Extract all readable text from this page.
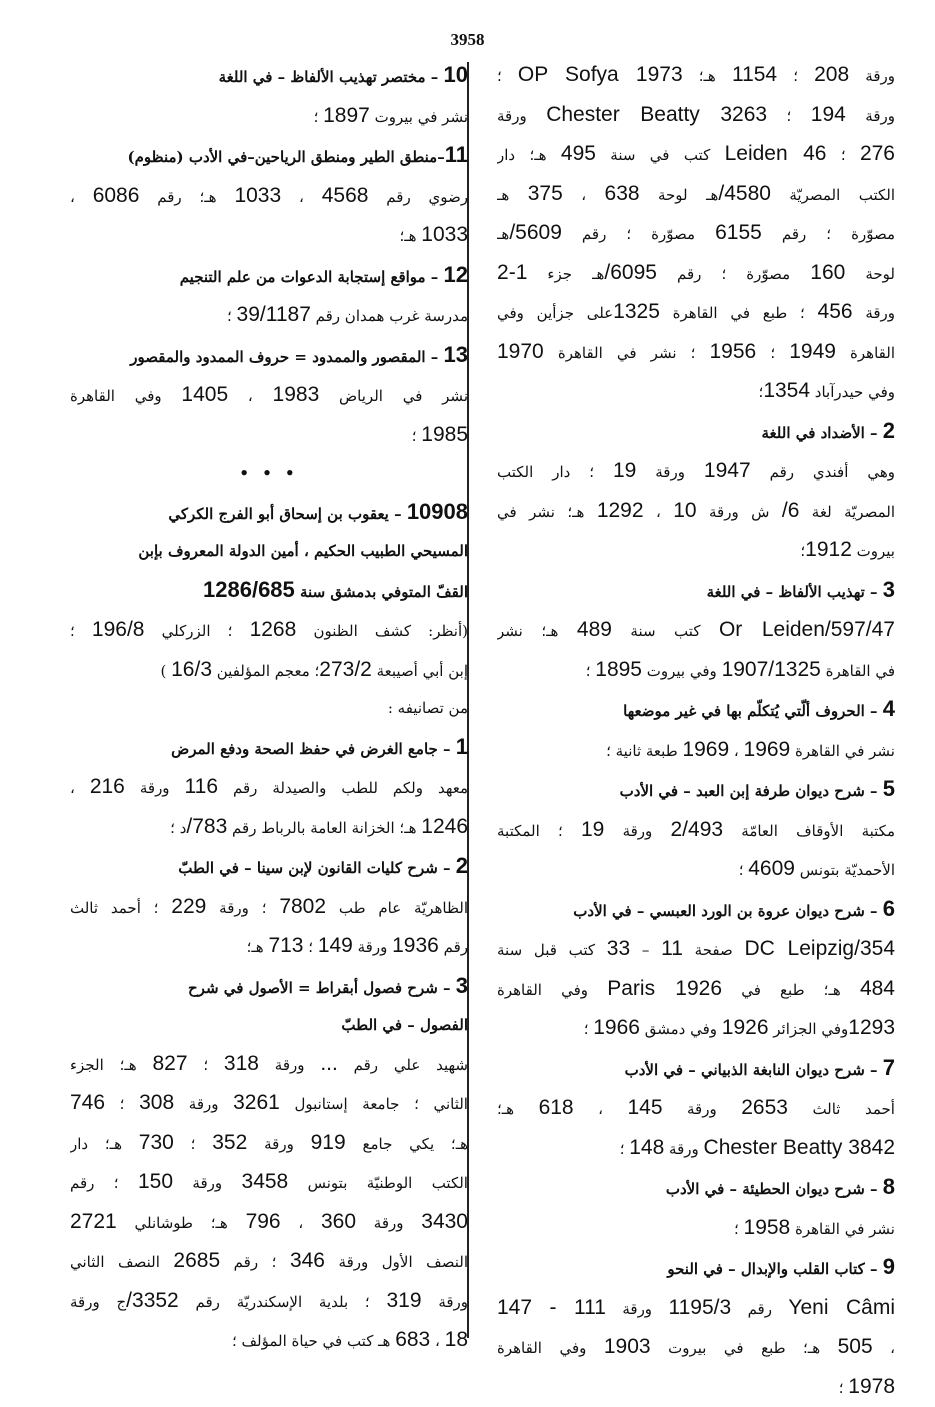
3958
ورقة 208 ؛ 1154 هـ؛ 1973 OP Sofya ؛
ورقة 194 ؛ 3263 Chester Beatty ورقة
276 ؛ 46 Leiden كتب في سنة 495 هـ؛ دار
الكتب المصريّة 4580/هـ لوحة 638 ، 375 هـ
مصوّرة ؛ رقم 6155 مصوّرة ؛ رقم 5609/هـ
لوحة 160 مصوّرة ؛ رقم 6095/هـ جزء 1-2
ورقة 456 ؛ طبع في القاهرة 1325على جزأين وفي
القاهرة 1949 ؛ 1956 ؛ نشر في القاهرة 1970
وفي حيدرآباد 1354؛
2 – الأضداد في اللغة
وهي أفندي رقم 1947 ورقة 19 ؛ دار الكتب
المصريّة لغة 6/ ش ورقة 10 ، 1292 هـ؛ نشر في
بيروت 1912؛
3 – تهذيب الألفاظ – في اللغة
597/47/Or Leiden كتب سنة 489 هـ؛ نشر
في القاهرة 1907/1325 وفي بيروت 1895 ؛
4 – الحروف ألّتي يُتكلّم بها في غير موضعها
نشر في القاهرة 1969 ، 1969 طبعة ثانية ؛
5 – شرح ديوان طرفة إبن العبد – في الأدب
مكتبة الأوقاف العامّة 2/493 ورقة 19 ؛ المكتبة
الأحمديّة بتونس 4609 ؛
6 – شرح ديوان عروة بن الورد العبسي – في الأدب
354/DC Leipzig صفحة 11 – 33 كتب قبل سنة
484 هـ؛ طبع في Paris 1926 وفي القاهرة
1293وفي الجزائر 1926 وفي دمشق 1966 ؛
7 – شرح ديوان النابغة الذبياني – في الأدب
أحمد ثالث 2653 ورقة 145 ، 618 هـ؛
3842 Chester Beatty ورقة 148 ؛
8 – شرح ديوان الحطيئة – في الأدب
نشر في القاهرة 1958 ؛
9 – كتاب القلب والإبدال – في النحو
Yeni Câmi رقم 1195/3 ورقة 111 - 147
، 505 هـ؛ طبع في بيروت 1903 وفي القاهرة
1978 ؛
10 – مختصر تهذيب الألفاظ – في اللغة
نشر في بيروت 1897 ؛
11–منطق الطير ومنطق الرياحين–في الأدب (منظوم)
رضوي رقم 4568 ، 1033 هـ؛ رقم 6086 ،
1033 هـ؛
12 – مواقع إستجابة الدعوات من علم التنجيم
مدرسة غرب همدان رقم 39/1187 ؛
13 – المقصور والممدود = حروف الممدود والمقصور
نشر في الرياض 1983 ، 1405 وفي القاهرة
1985 ؛
• • •
10908 – يعقوب بن إسحاق أبو الفرج الكركي
المسيحي الطبيب الحكيم ، أمين الدولة المعروف بإبن
القفّ المتوفي بدمشق سنة 1286/685
(أنظر: كشف الظنون 1268 ؛ الزركلي 196/8 ؛
إبن أبي أصيبعة 273/2؛ معجم المؤلفين 16/3 )
من تصانيفه :
1 – جامع الغرض في حفظ الصحة ودفع المرض
معهد ولكم للطب والصيدلة رقم 116 ورقة 216 ،
1246 هـ؛ الخزانة العامة بالرباط رقم 783/د ؛
2 – شرح كليات القانون لإبن سينا – في الطبّ
الظاهريّة عام طب 7802 ؛ ورقة 229 ؛ أحمد ثالث
رقم 1936 ورقة 149 ؛ 713 هـ؛
3 – شرح فصول أبقراط = الأصول في شرح
الفصول – في الطبّ
شهيد علي رقم ... ورقة 318 ؛ 827 هـ؛ الجزء
الثاني ؛ جامعة إستانبول 3261 ورقة 308 ؛ 746
هـ؛ يكي جامع 919 ورقة 352 ؛ 730 هـ؛ دار
الكتب الوطنيّة بتونس 3458 ورقة 150 ؛ رقم
3430 ورقة 360 ، 796 هـ؛ طوشانلي 2721
النصف الأول ورقة 346 ؛ رقم 2685 النصف الثاني
ورقة 319 ؛ بلدية الإسكندريّة رقم 3352/ج ورقة
18 ، 683 هـ كتب في حياة المؤلف ؛
